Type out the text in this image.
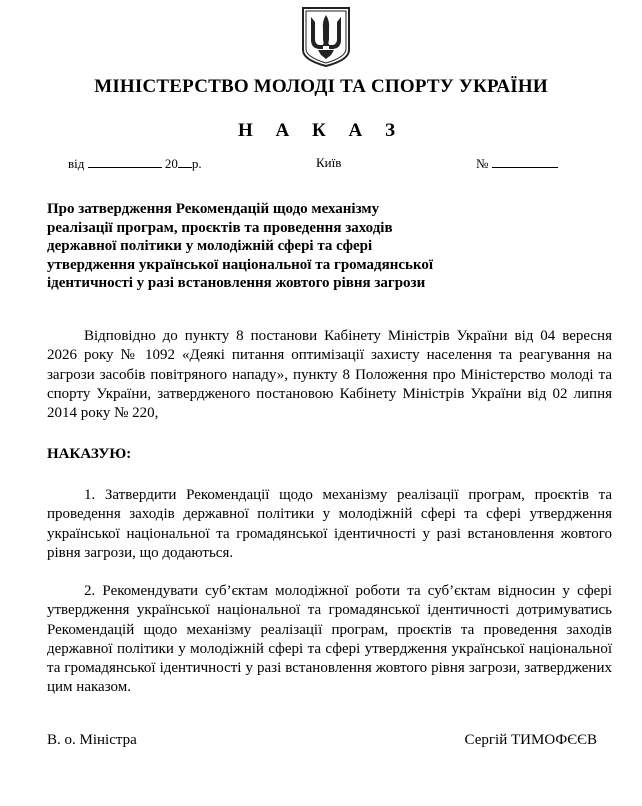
МІНІСТЕРСТВО МОЛОДІ ТА СПОРТУ УКРАЇНИ
Н А К А З
від	20 р.	Київ	№
Про затвердження Рекомендацій щодо механізму
реалізації програм, проєктів та проведення заходів
державної політики у молодіжній сфері та сфері
утвердження української національної та громадянської
ідентичності у разі встановлення жовтого рівня загрози
Відповідно до пункту 8 постанови Кабінету Міністрів України від 04 вересня 2026 року № 1092 «Деякі питання оптимізації захисту населення та реагування на загрози засобів повітряного нападу», пункту 8 Положення про Міністерство молоді та спорту України, затвердженого постановою Кабінету Міністрів України від 02 липня 2014 року № 220,
НАКАЗУЮ:
1. Затвердити Рекомендації щодо механізму реалізації програм, проєктів та проведення заходів державної політики у молодіжній сфері та сфері утвердження української національної та громадянської ідентичності у разі встановлення жовтого рівня загрози, що додаються.
2. Рекомендувати суб’єктам молодіжної роботи та суб’єктам відносин у сфері утвердження української національної та громадянської ідентичності дотримуватись Рекомендацій щодо механізму реалізації програм, проєктів та проведення заходів державної політики у молодіжній сфері та сфері утвердження української національної та громадянської ідентичності у разі встановлення жовтого рівня загрози, затверджених цим наказом.
В. о. Міністра	Сергій ТИМОФЄЄВ
